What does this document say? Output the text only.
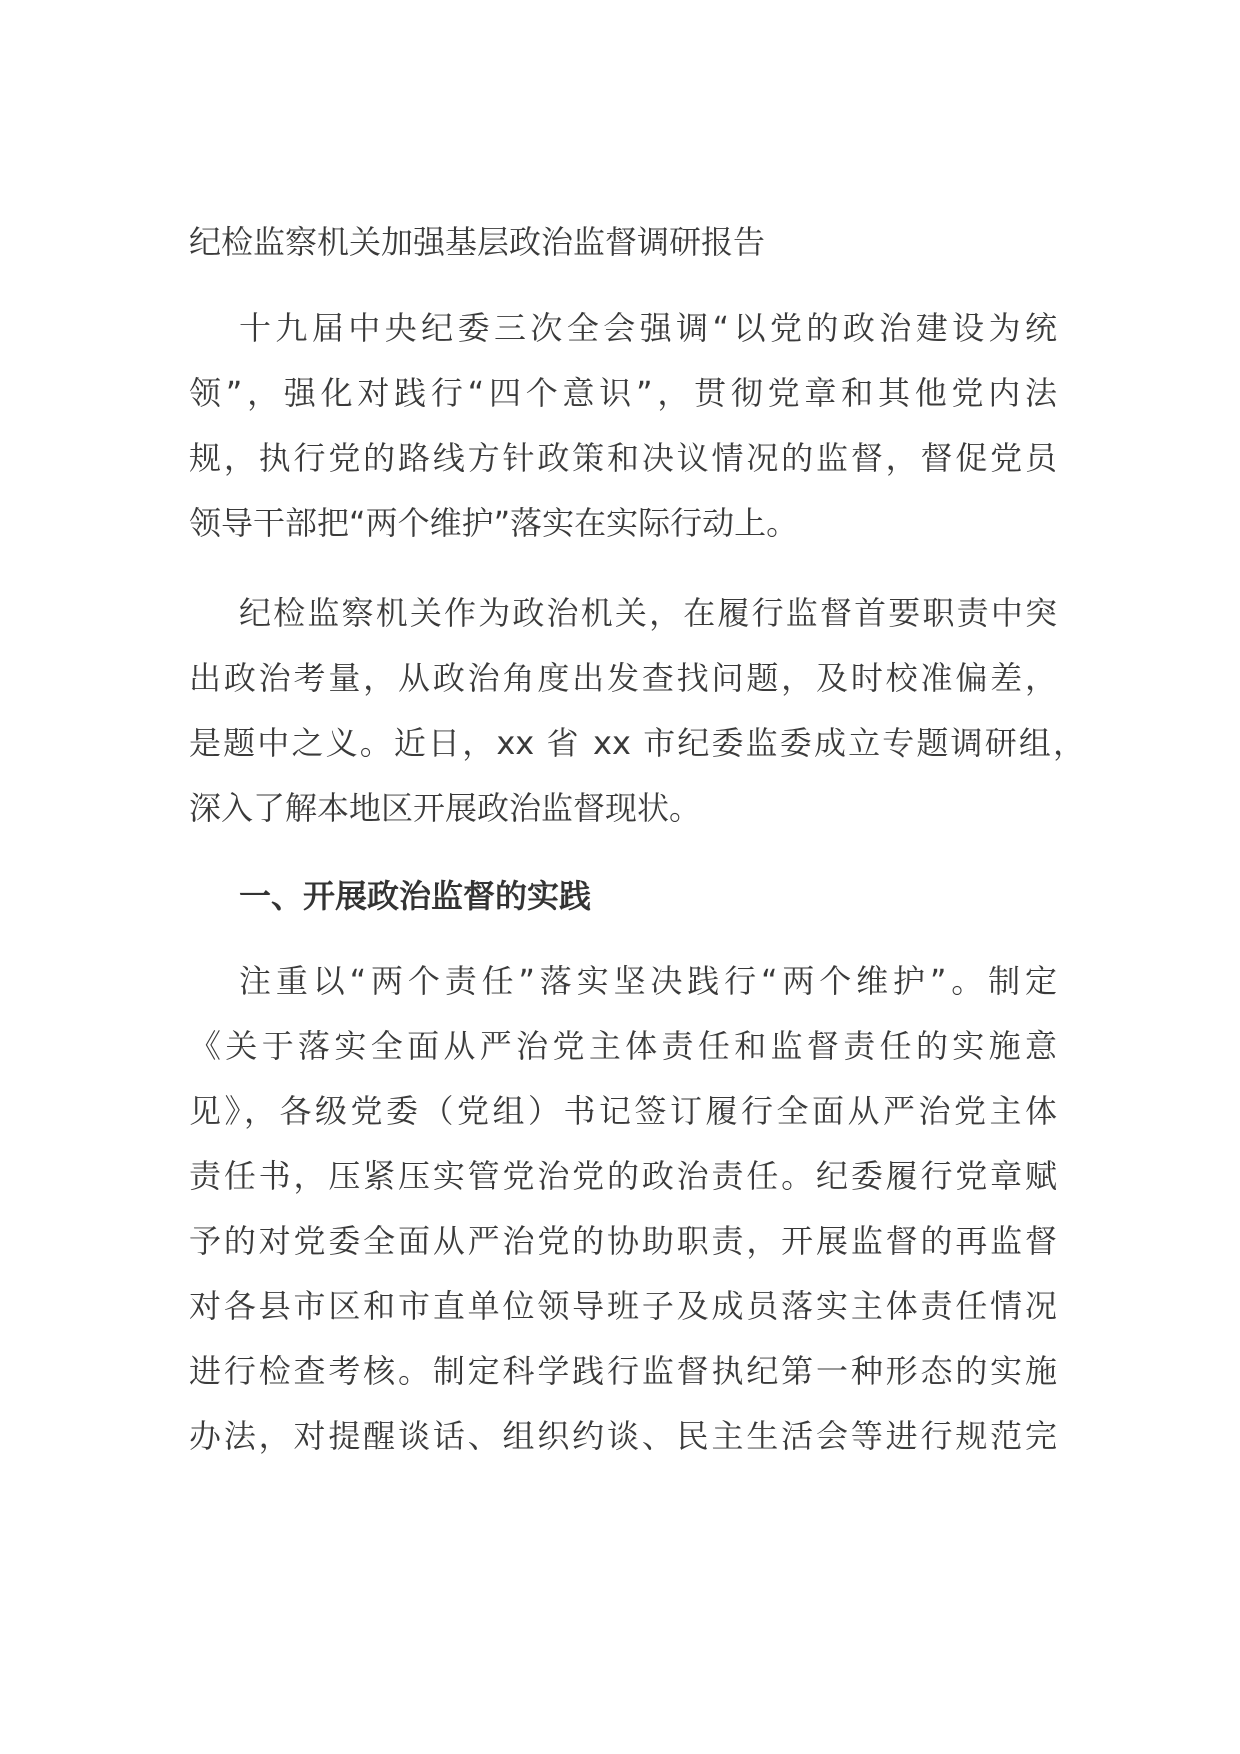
纪检监察机关加强基层政治监督调研报告
十九届中央纪委三次全会强调“以党的政治建设为统
领”，强化对践行“四个意识”，贯彻党章和其他党内法
规，执行党的路线方针政策和决议情况的监督，督促党员
领导干部把“两个维护”落实在实际行动上。
纪检监察机关作为政治机关，在履行监督首要职责中突
出政治考量，从政治角度出发查找问题，及时校准偏差，
是题中之义。近日，xx 省 xx 市纪委监委成立专题调研组，
深入了解本地区开展政治监督现状。
一、开展政治监督的实践
注重以“两个责任”落实坚决践行“两个维护”。制定
《关于落实全面从严治党主体责任和监督责任的实施意
见》，各级党委（党组）书记签订履行全面从严治党主体
责任书，压紧压实管党治党的政治责任。纪委履行党章赋
予的对党委全面从严治党的协助职责，开展监督的再监督
对各县市区和市直单位领导班子及成员落实主体责任情况
进行检查考核。制定科学践行监督执纪第一种形态的实施
办法，对提醒谈话、组织约谈、民主生活会等进行规范完
